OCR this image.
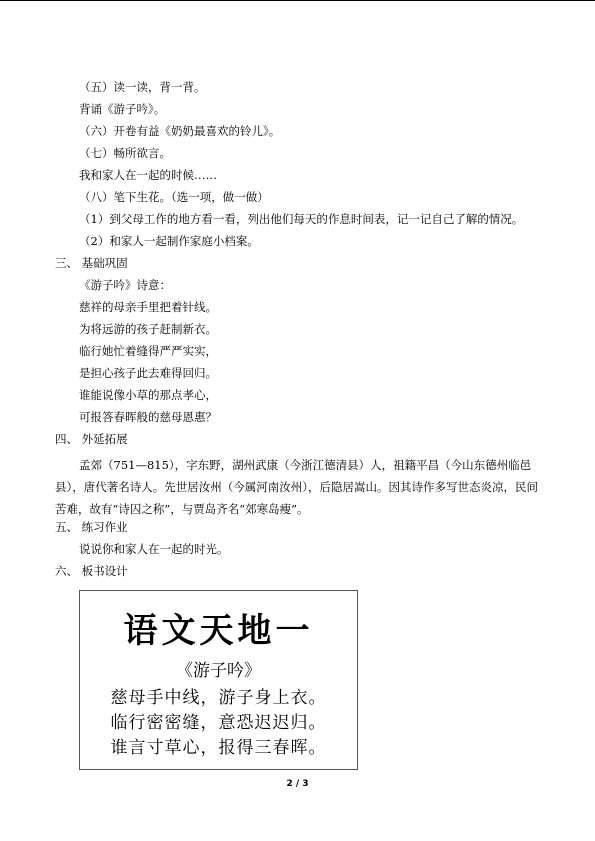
（五）读一读，背一背。
背诵《游子吟》。
（六）开卷有益《奶奶最喜欢的铃儿》。
（七）畅所欲言。
我和家人在一起的时候……
（八）笔下生花。（选一项，做一做）
（1）到父母工作的地方看一看，列出他们每天的作息时间表，记一记自己了解的情况。
（2）和家人一起制作家庭小档案。
三、 基础巩固
《游子吟》诗意：
慈祥的母亲手里把着针线。
为将远游的孩子赶制新衣。
临行她忙着缝得严严实实，
是担心孩子此去难得回归。
谁能说像小草的那点孝心，
可报答春晖般的慈母恩惠？
四、 外延拓展
孟郊（751—815），字东野，湖州武康（今浙江德清县）人，祖籍平昌（今山东德州临邑县），唐代著名诗人。先世居汝州（今属河南汝州），后隐居嵩山。因其诗作多写世态炎凉，民间苦难，故有“诗囚之称”，与贾岛齐名“郊寒岛瘦”。
五、 练习作业
说说你和家人在一起的时光。
六、 板书设计
语文天地一
《游子吟》
慈母手中线，游子身上衣。
临行密密缝，意恐迟迟归。
谁言寸草心，报得三春晖。
2 / 3
